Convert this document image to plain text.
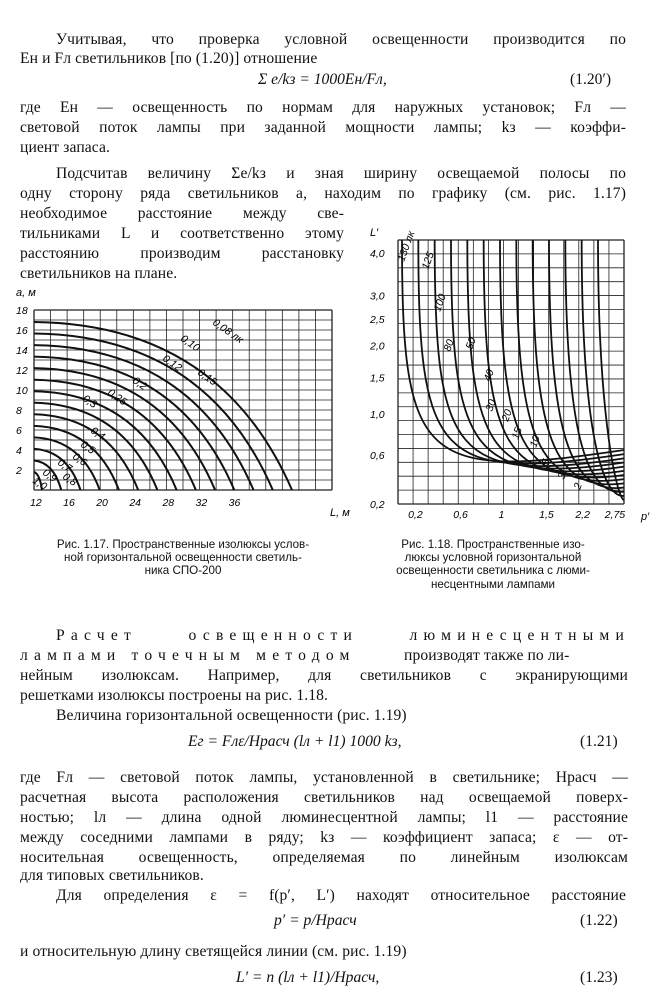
Учитывая, что проверка условной освещенности производится по
Eн и Fл светильников [по (1.20)] отношение
Σ e/kз = 1000Eн/Fл,	(1.20′)
где Eн — освещенность по нормам для наружных установок; Fл —
световой поток лампы при заданной мощности лампы; kз — коэффи-
циент запаса.
Подсчитав величину Σe/kз и зная ширину освещаемой полосы по
одну сторону ряда светильников a, находим по графику (см. рис. 1.17)
необходимое расстояние между све-
тильниками L и соответственно этому
расстоянию производим расстановку
светильников на плане.
a, м
2
4
6
8
10
12
14
16
18
12 16 20 24 28 32 36
0,08 лк
0,10
0,12
0,15
0,2
0,25
0,3
0,4
0,5
0,6
0,7
0,8
0,9
1,0
L, м
L′
0,2
0,6
1,0
1,5
2,0
2,5
3,0
4,0
0,2	0,6	1	1,5 2,2 2,75
130 лк 125
100
80 50
40
30
20
15
10
5
3
2
p′
Рис. 1.17. Пространственные изолюксы услов-
ной горизонтальной освещенности светиль-
ника СПО-200
Рис. 1.18. Пространственные изо-
люксы условной горизонтальной
освещенности светильника с люми-
несцентными лампами
Расчет освещенности люминесцентными
лампами точечным методом	производят также по ли-
нейным изолюксам. Например, для светильников с экранирующими
решетками изолюксы построены на рис. 1.18.
Величина горизонтальной освещенности (рис. 1.19)
Eг = Fлε/Hрасч (lл + l1) 1000 kз,	(1.21)
где Fл — световой поток лампы, установленной в светильнике; Hрасч —
расчетная высота расположения светильников над освещаемой поверх-
ностью; lл — длина одной люминесцентной лампы; l1 — расстояние
между соседними лампами в ряду; kз — коэффициент запаса; ε — от-
носительная освещенность, определяемая по линейным изолюксам
для типовых светильников.
Для определения ε = f(p′, L′) находят относительное расстояние
p′ = p/Hрасч	(1.22)
и относительную длину светящейся линии (см. рис. 1.19)
L′ = n (lл + l1)/Hрасч,	(1.23)
